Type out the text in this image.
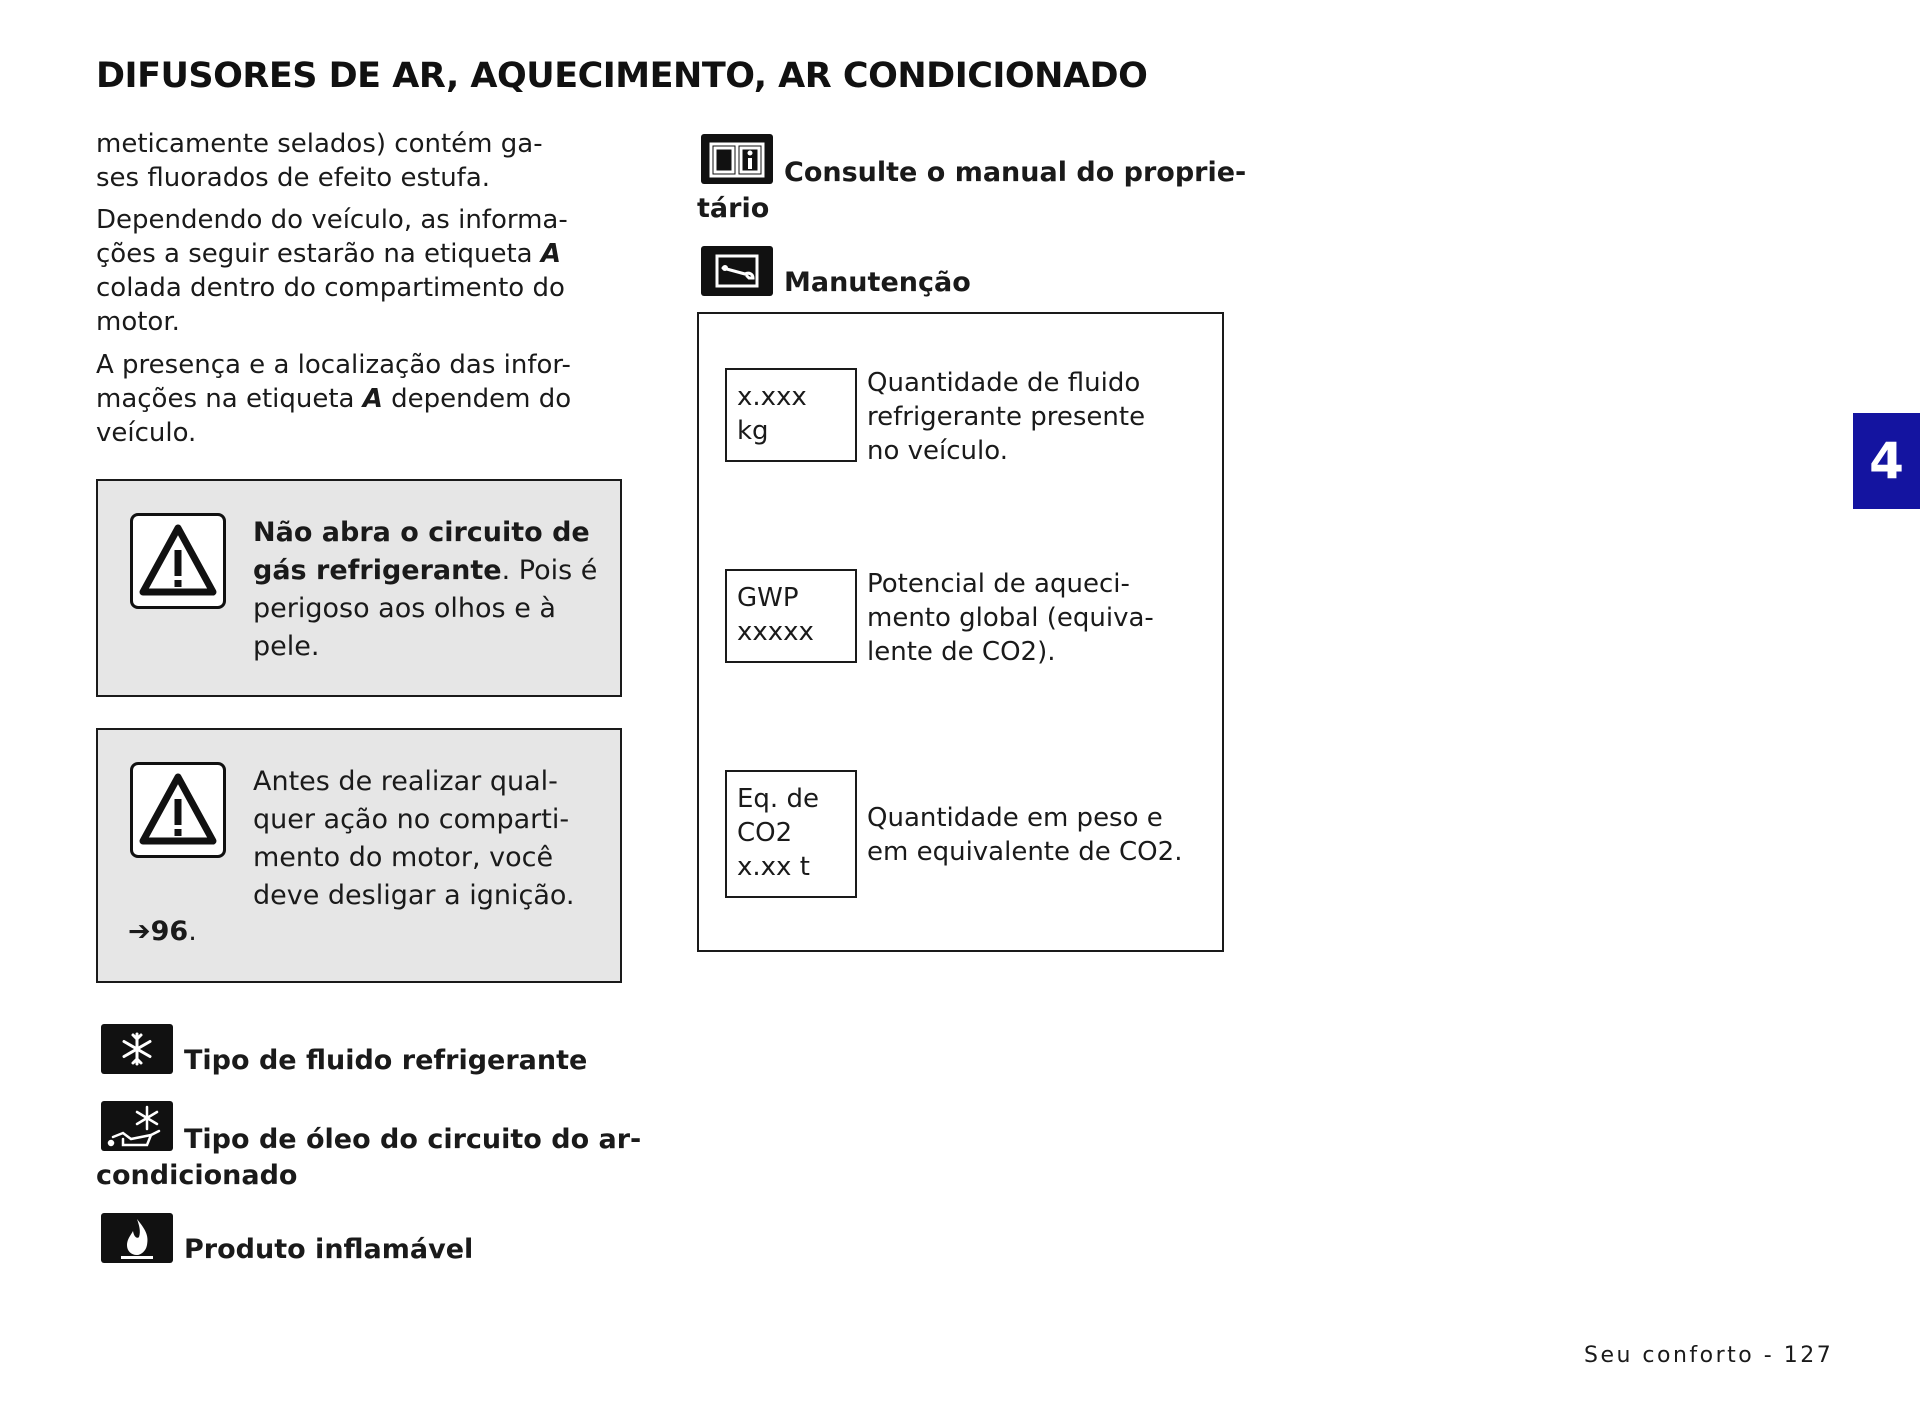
DIFUSORES DE AR, AQUECIMENTO, AR CONDICIONADO

meticamente selados) contém ga-

ses fluorados de efeito estufa.

Dependendo do veículo, as informa-

ções a seguir estarão na etiqueta A

colada dentro do compartimento do

motor.

A presença e a localização das infor-

mações na etiqueta A dependem do

veículo.

Não abra o circuito de
gás refrigerante. Pois é
perigoso aos olhos e à
pele.
Antes de realizar qual-
quer ação no comparti-
mento do motor, você
deve desligar a ignição.
➔96.
Tipo de fluido refrigerante
Tipo de óleo do circuito do ar-
condicionado
Produto inflamável
Consulte o manual do proprie-
tário
Manutenção
x.xxx
kg
Quantidade de fluido
refrigerante presente
no veículo.
GWP
xxxxx
Potencial de aqueci-
mento global (equiva-
lente de CO2).
Eq. de
CO2
x.xx t
Quantidade em peso e
em equivalente de CO2.
4
Seu conforto - 127
